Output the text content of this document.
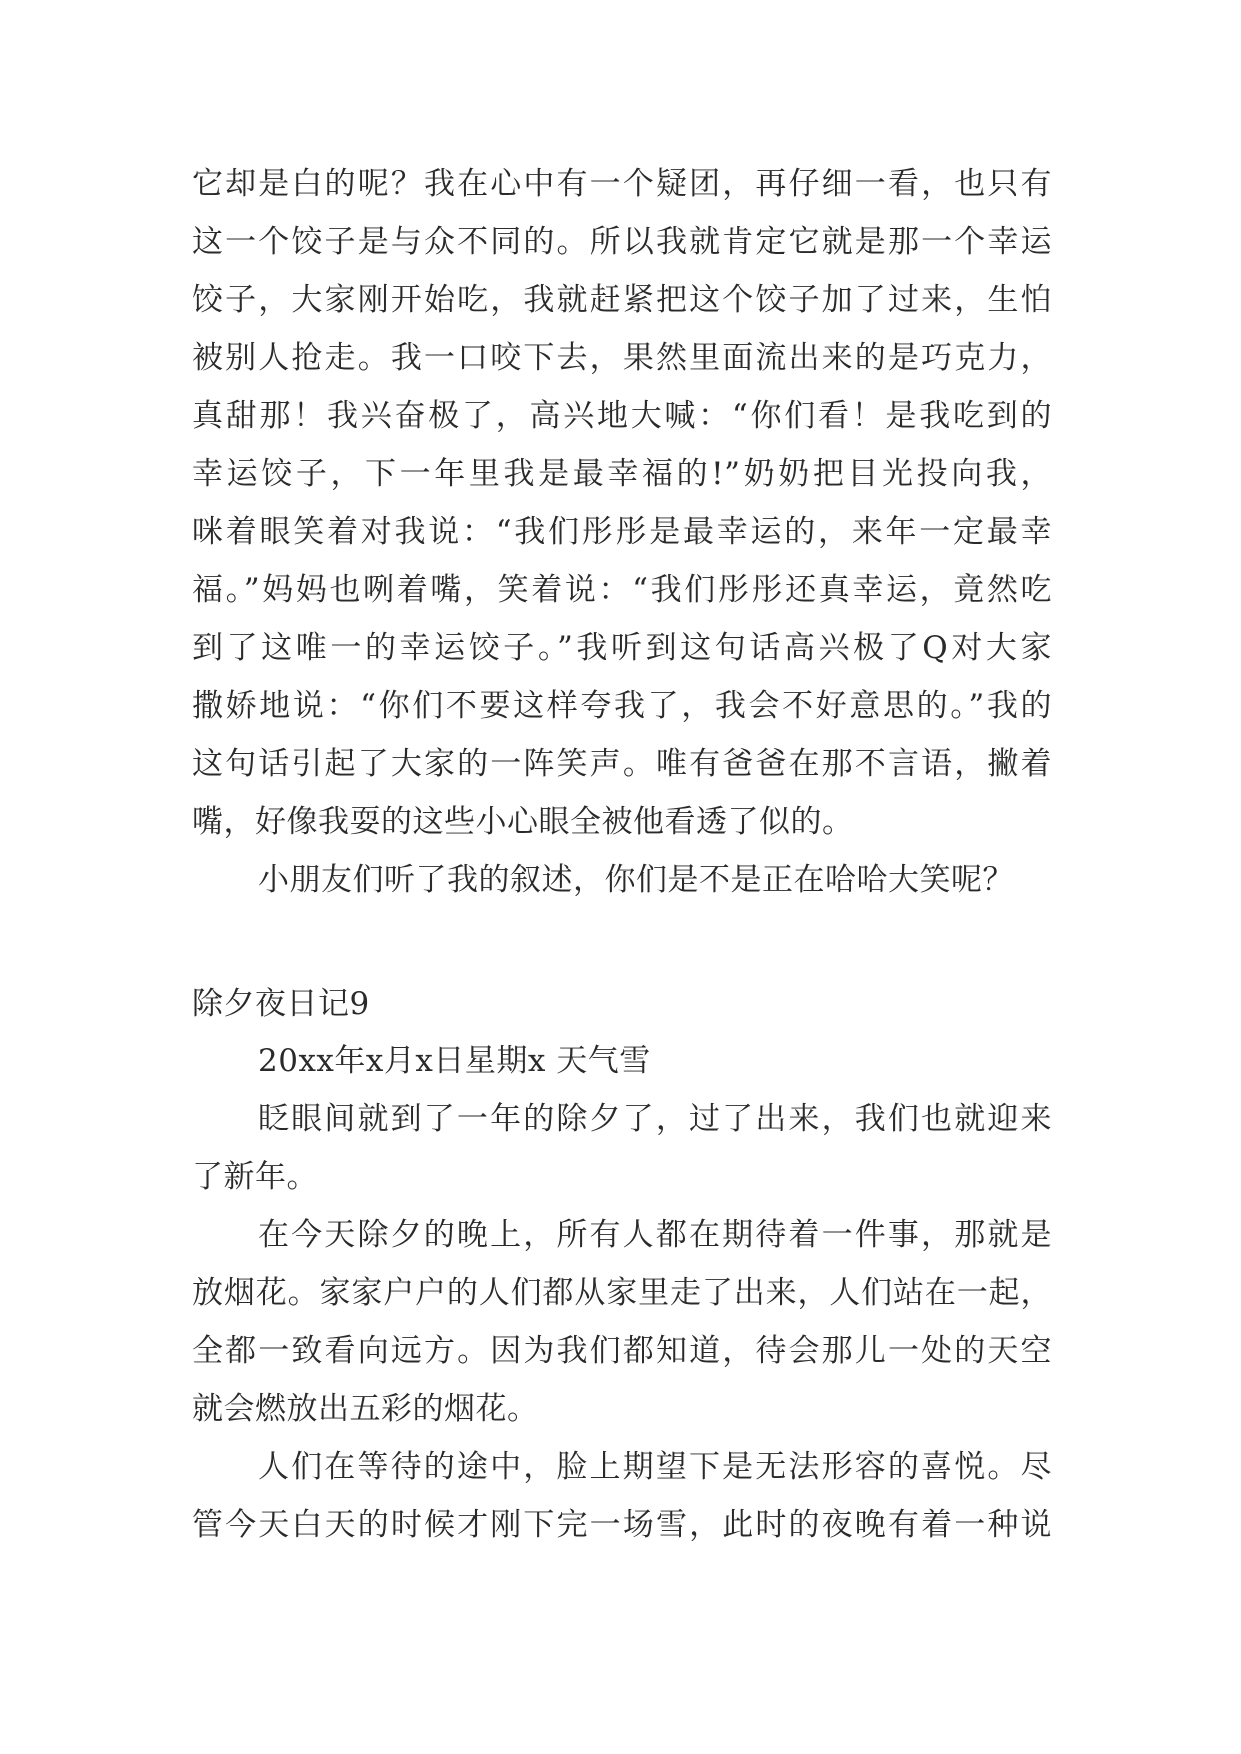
它却是白的呢？我在心中有一个疑团，再仔细一看，也只有
这一个饺子是与众不同的。所以我就肯定它就是那一个幸运
饺子，大家刚开始吃，我就赶紧把这个饺子加了过来，生怕
被别人抢走。我一口咬下去，果然里面流出来的是巧克力，
真甜那！我兴奋极了，高兴地大喊：“你们看！是我吃到的
幸运饺子，下一年里我是最幸福的!”奶奶把目光投向我，
咪着眼笑着对我说：“我们彤彤是最幸运的，来年一定最幸
福。”妈妈也咧着嘴，笑着说：“我们彤彤还真幸运，竟然吃
到了这唯一的幸运饺子。”我听到这句话高兴极了Q对大家
撒娇地说：“你们不要这样夸我了，我会不好意思的。”我的
这句话引起了大家的一阵笑声。唯有爸爸在那不言语，撇着
嘴，好像我耍的这些小心眼全被他看透了似的。
小朋友们听了我的叙述，你们是不是正在哈哈大笑呢？
除夕夜日记9
20xx年x月x日星期x 天气雪
眨眼间就到了一年的除夕了，过了出来，我们也就迎来
了新年。
在今天除夕的晚上，所有人都在期待着一件事，那就是
放烟花。家家户户的人们都从家里走了出来，人们站在一起，
全都一致看向远方。因为我们都知道，待会那儿一处的天空
就会燃放出五彩的烟花。
人们在等待的途中，脸上期望下是无法形容的喜悦。尽
管今天白天的时候才刚下完一场雪，此时的夜晚有着一种说
